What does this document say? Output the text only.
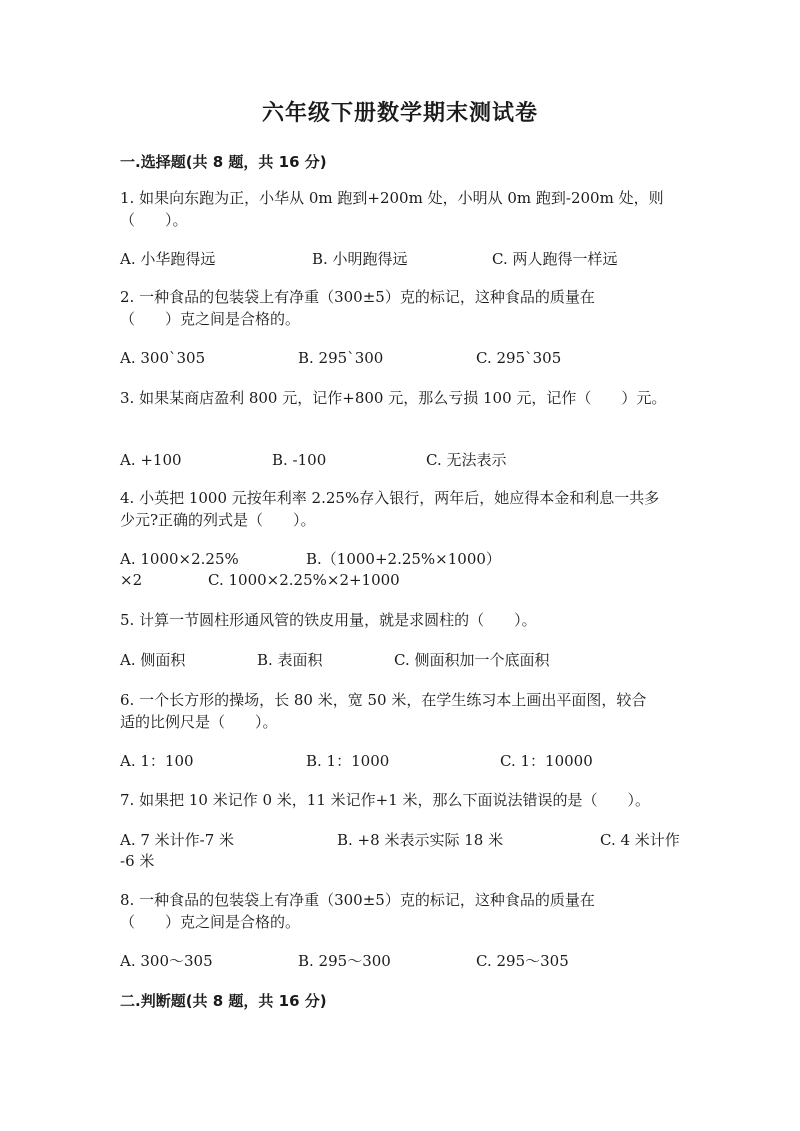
六年级下册数学期末测试卷
一.选择题(共 8 题，共 16 分)
1. 如果向东跑为正，小华从 0m 跑到+200m 处，小明从 0m 跑到-200m 处，则
（　　）。
A. 小华跑得远	B. 小明跑得远	C. 两人跑得一样远
2. 一种食品的包装袋上有净重（300±5）克的标记，这种食品的质量在
（　　）克之间是合格的。
A. 300`305	B. 295`300	C. 295`305
3. 如果某商店盈利 800 元，记作+800 元，那么亏损 100 元，记作（　　）元。
A. +100	B. -100	C. 无法表示
4. 小英把 1000 元按年利率 2.25%存入银行，两年后，她应得本金和利息一共多
少元?正确的列式是（　　）。
A. 1000×2.25%	B.（1000+2.25%×1000）
×2	C. 1000×2.25%×2+1000
5. 计算一节圆柱形通风管的铁皮用量，就是求圆柱的（　　）。
A. 侧面积	B. 表面积	C. 侧面积加一个底面积
6. 一个长方形的操场，长 80 米，宽 50 米，在学生练习本上画出平面图，较合
适的比例尺是（　　）。
A. 1：100	B. 1：1000	C. 1：10000
7. 如果把 10 米记作 0 米，11 米记作+1 米，那么下面说法错误的是（　　）。
A. 7 米计作-7 米	B. +8 米表示实际 18 米	C. 4 米计作
-6 米
8. 一种食品的包装袋上有净重（300±5）克的标记，这种食品的质量在
（　　）克之间是合格的。
A. 300～305	B. 295～300	C. 295～305
二.判断题(共 8 题，共 16 分)
